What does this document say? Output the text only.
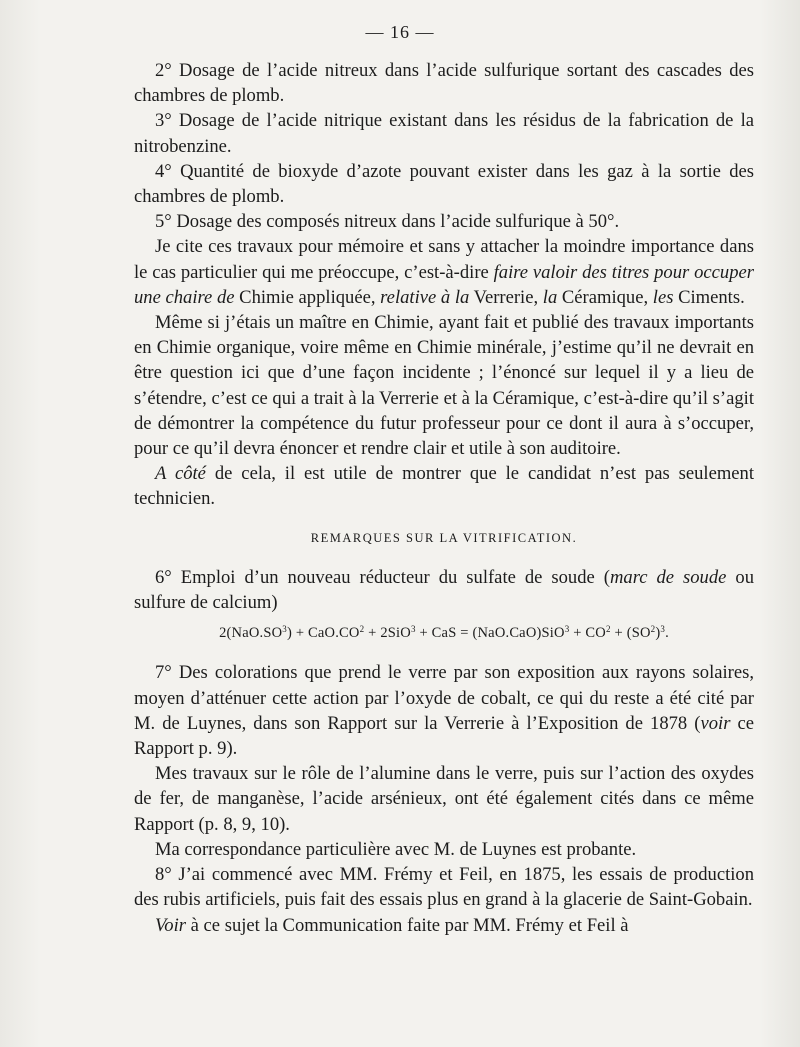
— 16 —

2° Dosage de l’acide nitreux dans l’acide sulfurique sortant des cascades des chambres de plomb.

3° Dosage de l’acide nitrique existant dans les résidus de la fabrication de la nitrobenzine.

4° Quantité de bioxyde d’azote pouvant exister dans les gaz à la sortie des chambres de plomb.

5° Dosage des composés nitreux dans l’acide sulfurique à 50°.

Je cite ces travaux pour mémoire et sans y attacher la moindre importance dans le cas particulier qui me préoccupe, c’est-à-dire faire valoir des titres pour occuper une chaire de Chimie appliquée, relative à la Verrerie, la Céramique, les Ciments.

Même si j’étais un maître en Chimie, ayant fait et publié des travaux importants en Chimie organique, voire même en Chimie minérale, j’estime qu’il ne devrait en être question ici que d’une façon incidente ; l’énoncé sur lequel il y a lieu de s’étendre, c’est ce qui a trait à la Verrerie et à la Céramique, c’est-à-dire qu’il s’agit de démontrer la compétence du futur professeur pour ce dont il aura à s’occuper, pour ce qu’il devra énoncer et rendre clair et utile à son auditoire.

A côté de cela, il est utile de montrer que le candidat n’est pas seulement technicien.

REMARQUES SUR LA VITRIFICATION.

6° Emploi d’un nouveau réducteur du sulfate de soude (marc de soude ou sulfure de calcium)

$2(NaO.SO^3) + CaO.CO^2 + 2SiO^3$ + CaS = $(NaO.CaO)SiO^3 + CO^2 + (SO^2)^3$.

7° Des colorations que prend le verre par son exposition aux rayons solaires, moyen d’atténuer cette action par l’oxyde de cobalt, ce qui du reste a été cité par M. de Luynes, dans son Rapport sur la Verrerie à l’Exposition de 1878 (voir ce Rapport p. 9).

Mes travaux sur le rôle de l’alumine dans le verre, puis sur l’action des oxydes de fer, de manganèse, l’acide arsénieux, ont été également cités dans ce même Rapport (p. 8, 9, 10).

Ma correspondance particulière avec M. de Luynes est probante.

8° J’ai commencé avec MM. Frémy et Feil, en 1875, les essais de production des rubis artificiels, puis fait des essais plus en grand à la glacerie de Saint-Gobain.

Voir à ce sujet la Communication faite par MM. Frémy et Feil à
